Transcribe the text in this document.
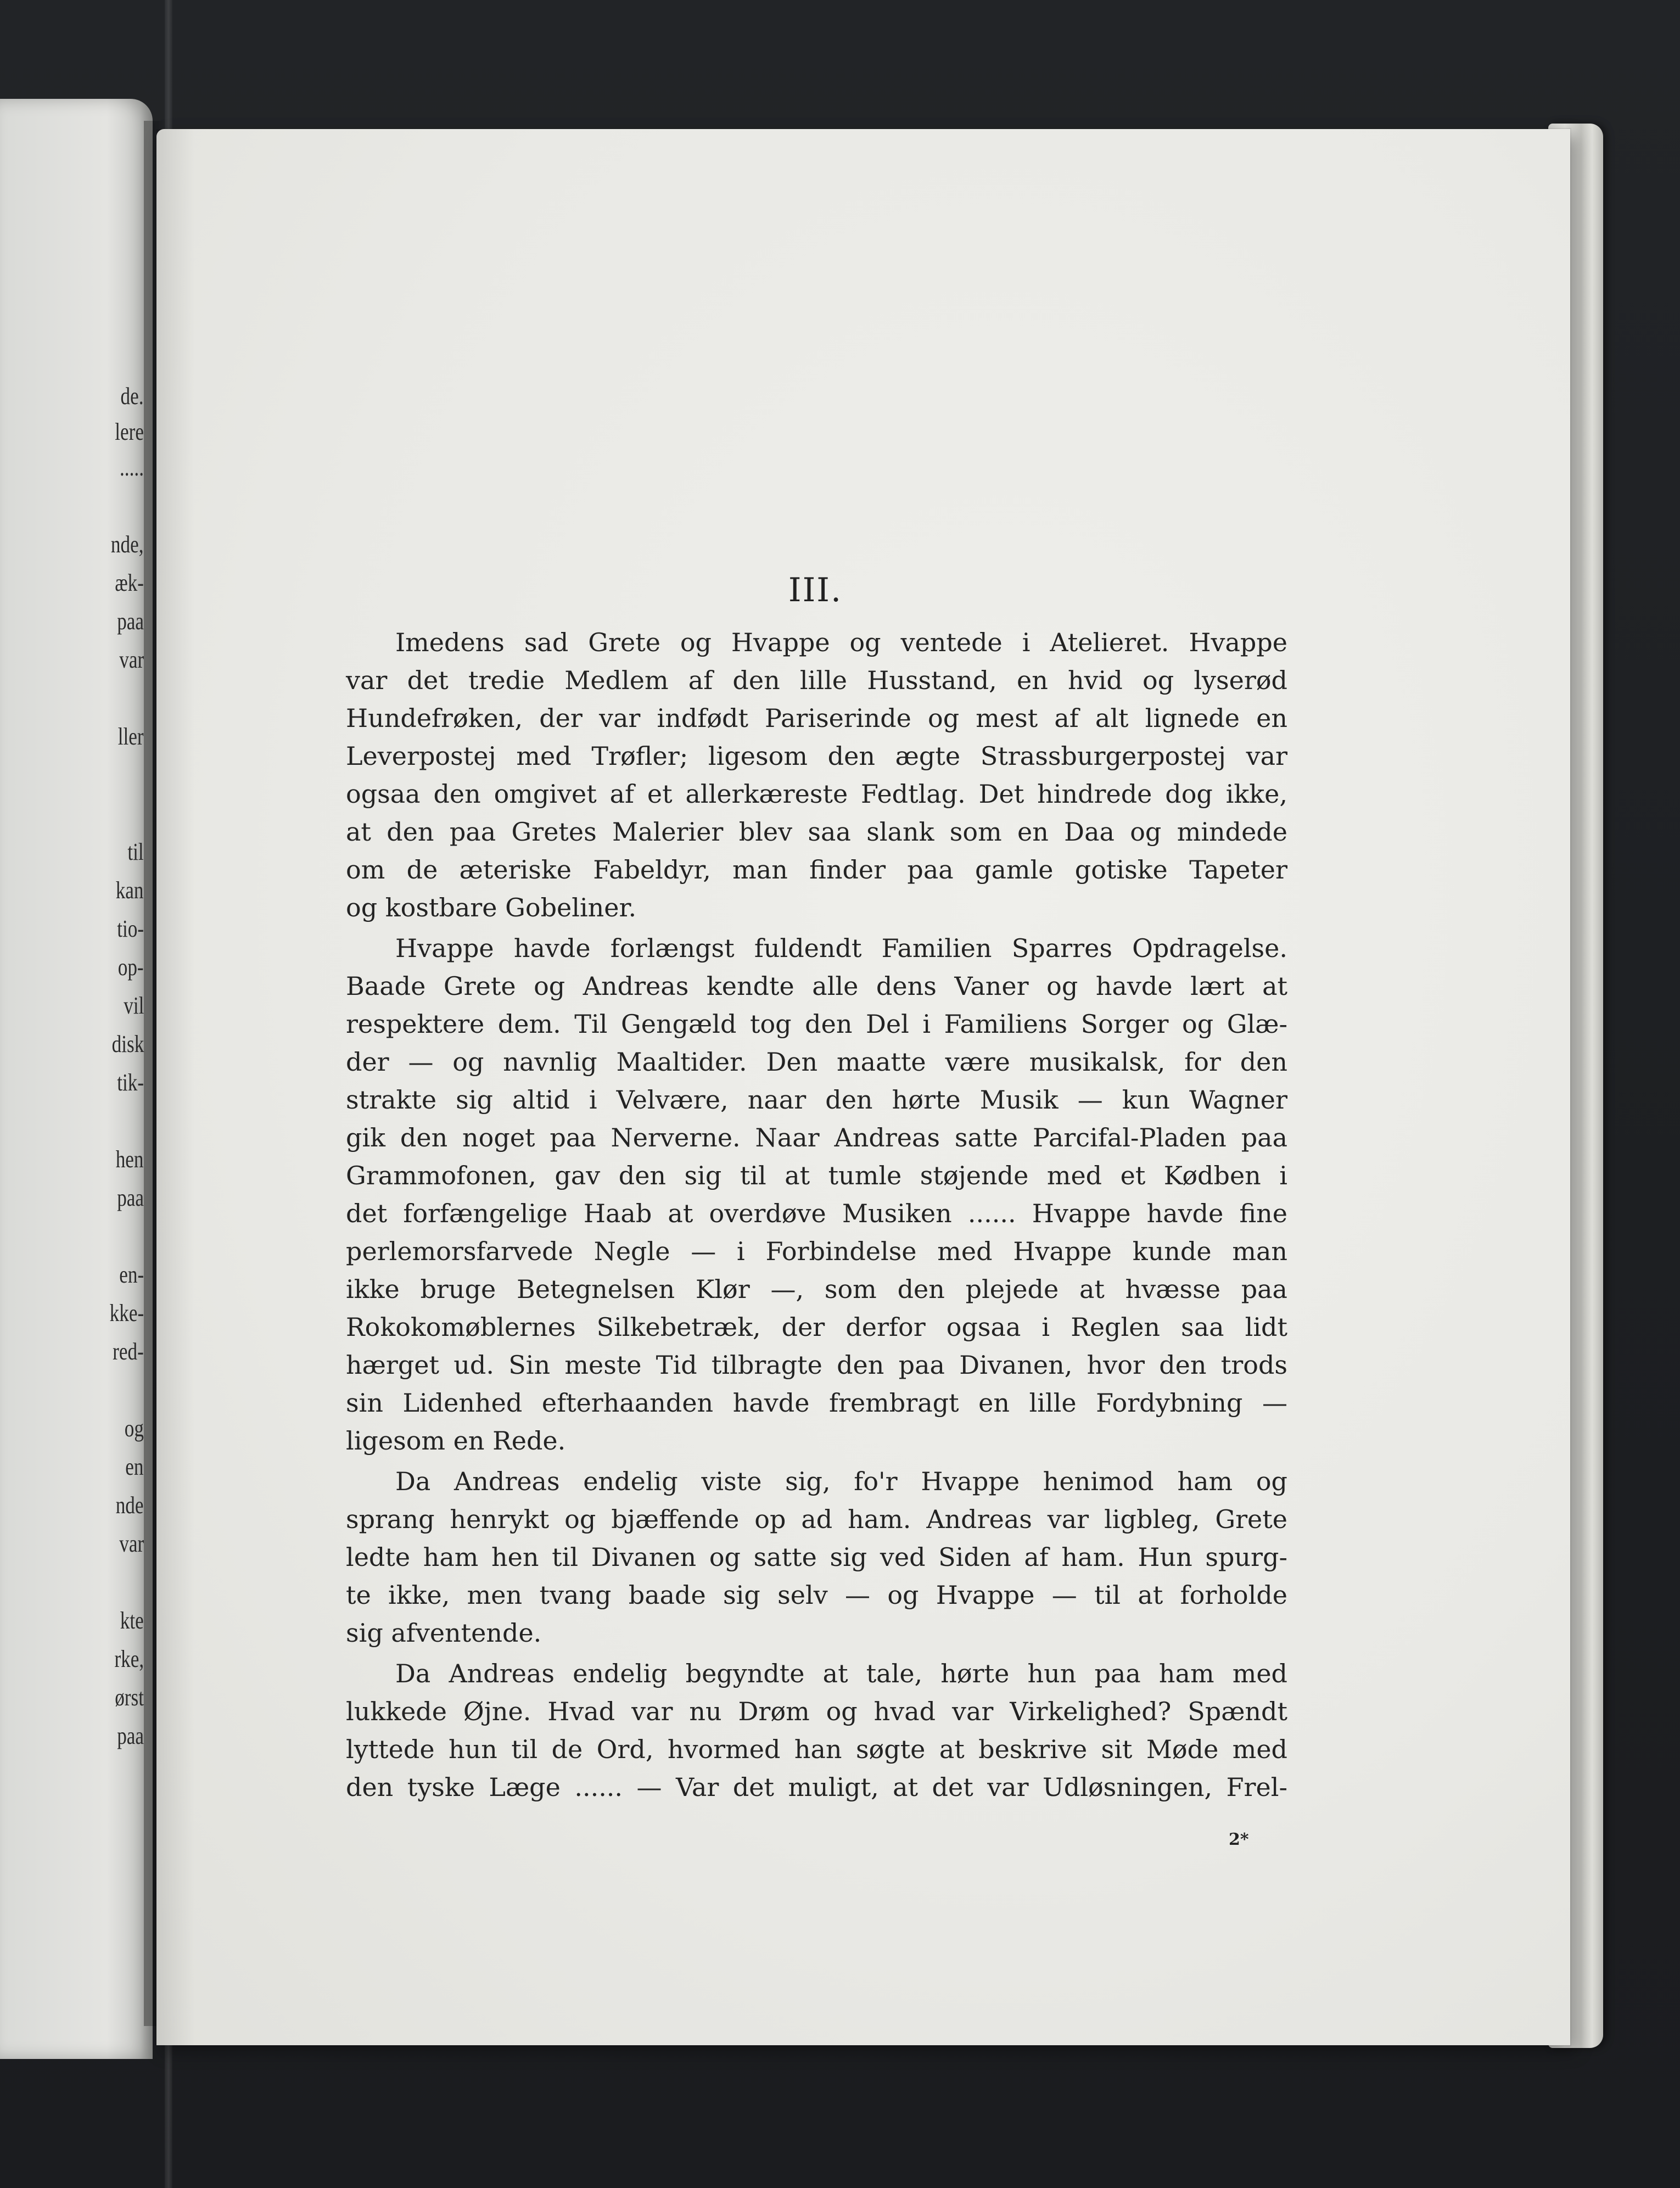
de.
lere
.....
nde,
æk-
paa
var
ller
til
kan
tio-
op-
vil
disk
tik-
hen
paa
en-
kke-
red-
og
en
nde
var
kte
rke,
ørst
paa
III.
Imedens sad Grete og Hvappe og ventede i Atelieret. Hvappe
var det tredie Medlem af den lille Husstand, en hvid og lyserød
Hundefrøken, der var indfødt Pariserinde og mest af alt lignede en
Leverpostej med Trøfler; ligesom den ægte Strassburgerpostej var
ogsaa den omgivet af et allerkæreste Fedtlag. Det hindrede dog ikke,
at den paa Gretes Malerier blev saa slank som en Daa og mindede
om de æteriske Fabeldyr, man finder paa gamle gotiske Tapeter
og kostbare Gobeliner.
Hvappe havde forlængst fuldendt Familien Sparres Opdragelse.
Baade Grete og Andreas kendte alle dens Vaner og havde lært at
respektere dem. Til Gengæld tog den Del i Familiens Sorger og Glæ-
der — og navnlig Maaltider. Den maatte være musikalsk, for den
strakte sig altid i Velvære, naar den hørte Musik — kun Wagner
gik den noget paa Nerverne. Naar Andreas satte Parcifal-Pladen paa
Grammofonen, gav den sig til at tumle støjende med et Kødben i
det forfængelige Haab at overdøve Musiken ...... Hvappe havde fine
perlemorsfarvede Negle — i Forbindelse med Hvappe kunde man
ikke bruge Betegnelsen Klør —, som den plejede at hvæsse paa
Rokokomøblernes Silkebetræk, der derfor ogsaa i Reglen saa lidt
hærget ud. Sin meste Tid tilbragte den paa Divanen, hvor den trods
sin Lidenhed efterhaanden havde frembragt en lille Fordybning —
ligesom en Rede.
Da Andreas endelig viste sig, fo'r Hvappe henimod ham og
sprang henrykt og bjæffende op ad ham. Andreas var ligbleg, Grete
ledte ham hen til Divanen og satte sig ved Siden af ham. Hun spurg-
te ikke, men tvang baade sig selv — og Hvappe — til at forholde
sig afventende.
Da Andreas endelig begyndte at tale, hørte hun paa ham med
lukkede Øjne. Hvad var nu Drøm og hvad var Virkelighed? Spændt
lyttede hun til de Ord, hvormed han søgte at beskrive sit Møde med
den tyske Læge ...... — Var det muligt, at det var Udløsningen, Frel-
2*
